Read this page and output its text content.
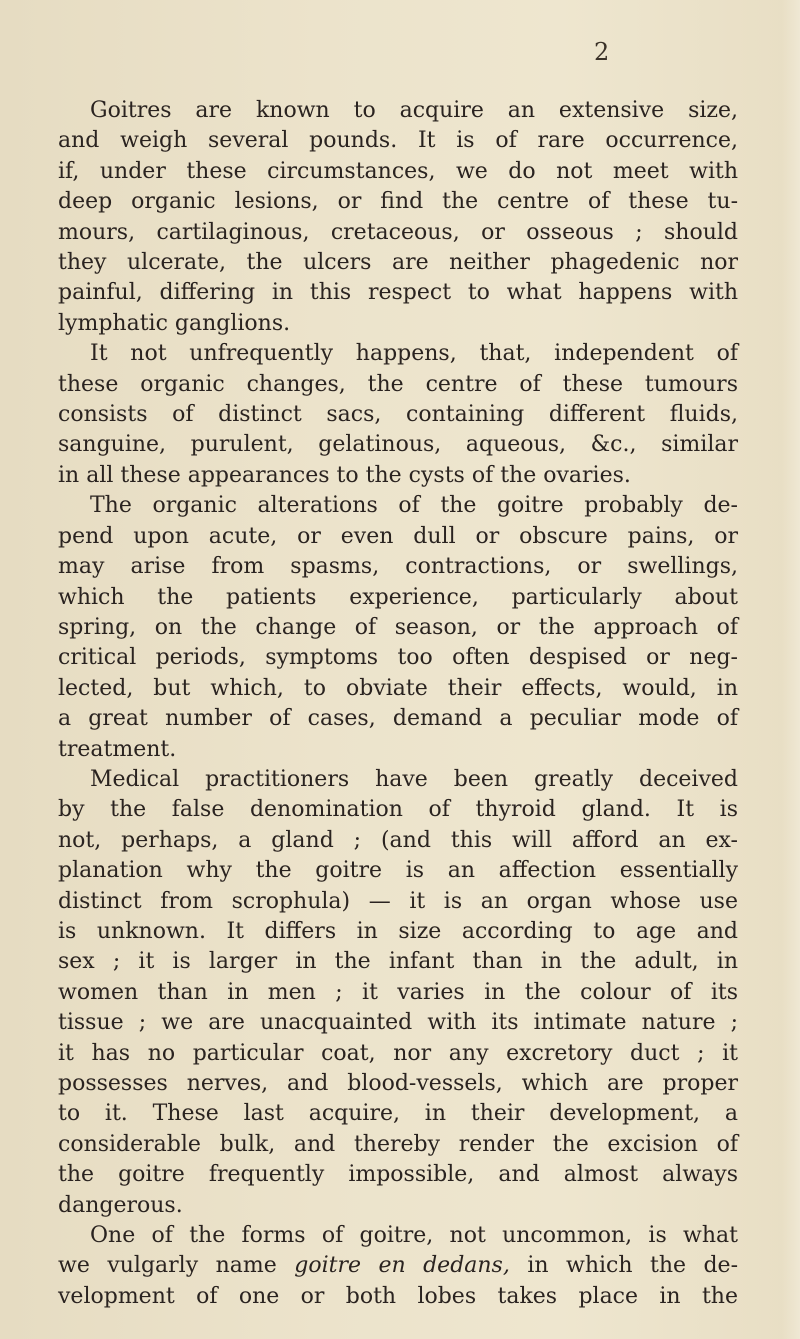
2
Goitres are known to acquire an extensive size,
and weigh several pounds. It is of rare occurrence,
if, under these circumstances, we do not meet with
deep organic lesions, or find the centre of these tu-
mours, cartilaginous, cretaceous, or osseous ; should
they ulcerate, the ulcers are neither phagedenic nor
painful, differing in this respect to what happens with
lymphatic ganglions.
It not unfrequently happens, that, independent of
these organic changes, the centre of these tumours
consists of distinct sacs, containing different fluids,
sanguine, purulent, gelatinous, aqueous, &c., similar
in all these appearances to the cysts of the ovaries.
The organic alterations of the goitre probably de-
pend upon acute, or even dull or obscure pains, or
may arise from spasms, contractions, or swellings,
which the patients experience, particularly about
spring, on the change of season, or the approach of
critical periods, symptoms too often despised or neg-
lected, but which, to obviate their effects, would, in
a great number of cases, demand a peculiar mode of
treatment.
Medical practitioners have been greatly deceived
by the false denomination of thyroid gland. It is
not, perhaps, a gland ; (and this will afford an ex-
planation why the goitre is an affection essentially
distinct from scrophula) — it is an organ whose use
is unknown. It differs in size according to age and
sex ; it is larger in the infant than in the adult, in
women than in men ; it varies in the colour of its
tissue ; we are unacquainted with its intimate nature ;
it has no particular coat, nor any excretory duct ; it
possesses nerves, and blood-vessels, which are proper
to it. These last acquire, in their development, a
considerable bulk, and thereby render the excision of
the goitre frequently impossible, and almost always
dangerous.
One of the forms of goitre, not uncommon, is what
we vulgarly name goitre en dedans, in which the de-
velopment of one or both lobes takes place in the
